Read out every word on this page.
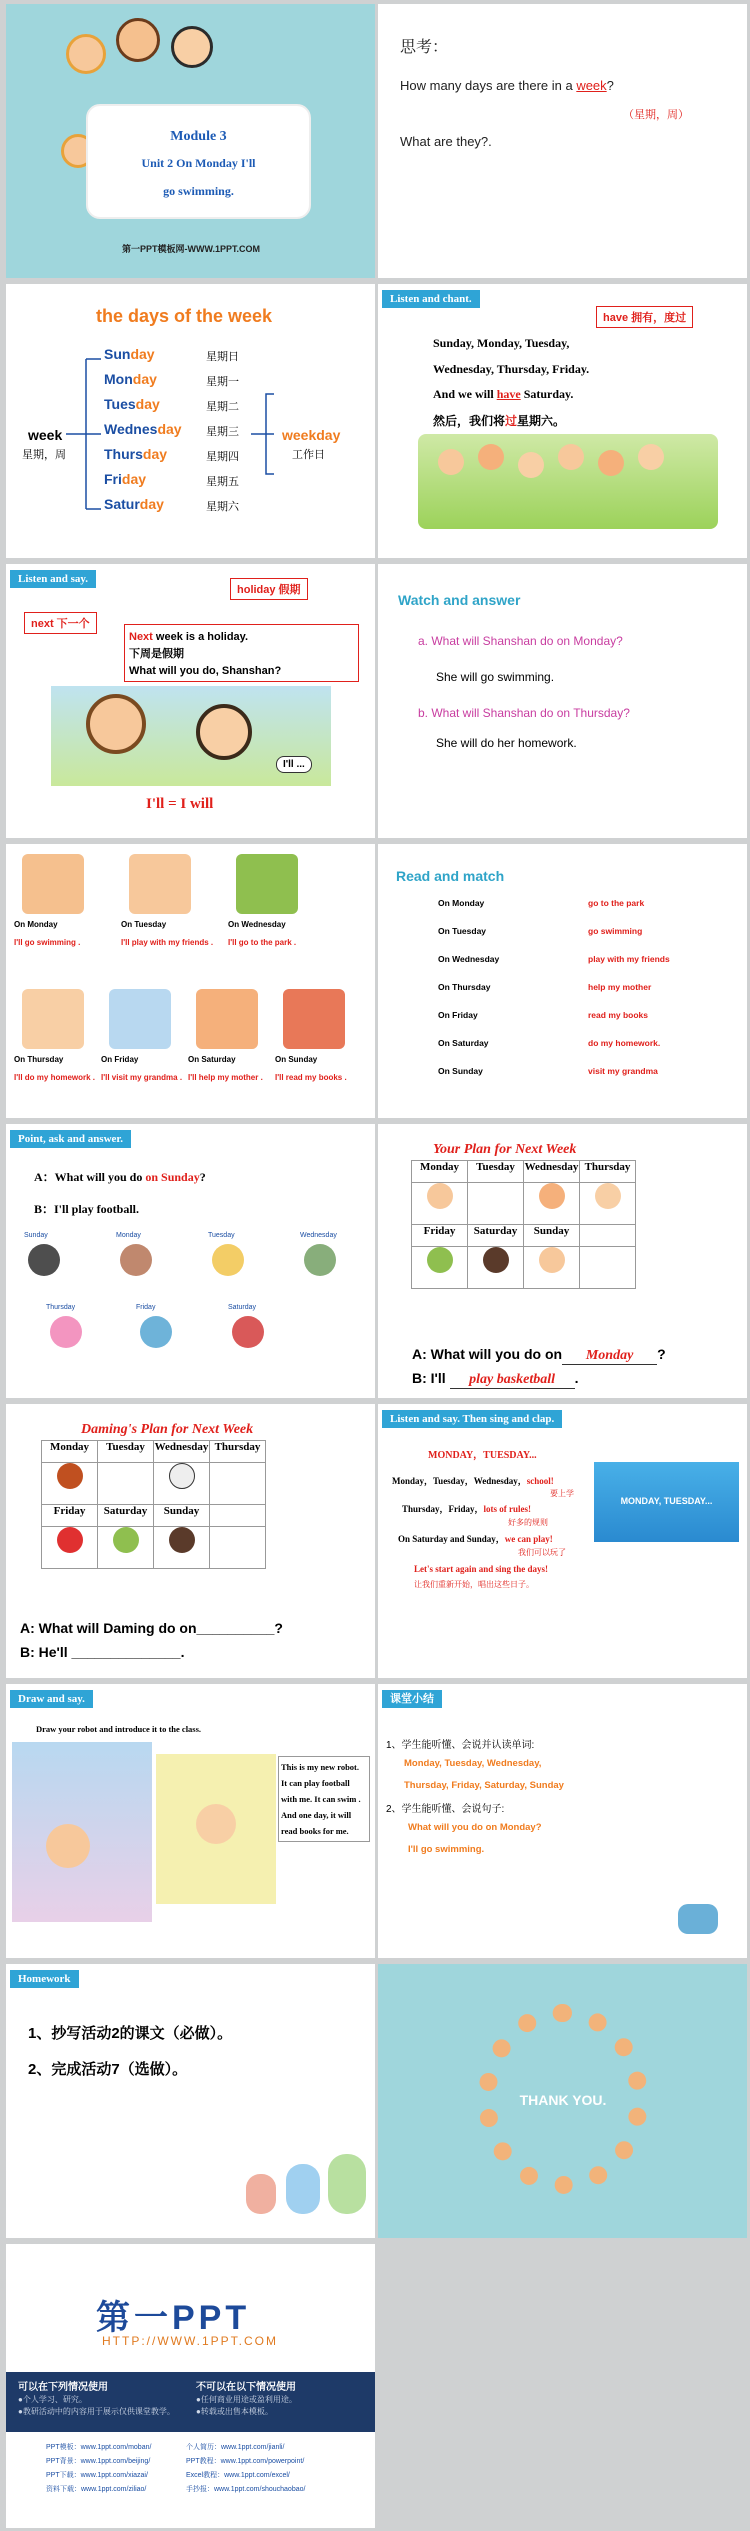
Module 3
Unit 2 On Monday I'll
go swimming.
第一PPT模板网-WWW.1PPT.COM
思考：
How many days are there in a week?
（星期，周）
What are they?.
the days of the week
week
星期，周
Sunday	星期日
Monday	星期一
Tuesday	星期二
Wednesday 星期三
Thursday	星期四
Friday	星期五
Saturday	星期六
weekday
工作日
Listen and chant.
have 拥有，度过
Sunday, Monday, Tuesday,
Wednesday, Thursday, Friday.
And we will have Saturday.
然后，我们将过星期六。
Listen and say.
holiday 假期
next 下一个
Next week is a holiday.
下周是假期
What will you do, Shanshan?
I'll ...
I'll = I will
Watch and answer
a. What will Shanshan do on Monday?
She will go swimming.
b. What will Shanshan do on Thursday?
She will do her homework.
On Monday
I'll go swimming .
On Tuesday
I'll play with my friends .
On Wednesday
I'll go to the park .
On Thursday
I'll do my homework .
On Friday
I'll visit my grandma .
On Saturday
I'll help my mother .
On Sunday
I'll read my books .
Read and match
On Monday	go to the park
On Tuesday	go swimming
On Wednesday	play with my friends
On Thursday	help my mother
On Friday	read my books
On Saturday	do my homework.
On Sunday	visit my grandma
Point, ask and answer.
A：What will you do on Sunday?
B：I'll play football.
Sunday	Monday	Tuesday	Wednesday
Thursday	Friday	Saturday
Your Plan for Next Week
Monday	Tuesday	Wednesday	Thursday

Friday	Saturday	Sunday	

A: What will you do on Monday ?
B: I'll play basketball .
Daming's Plan for Next Week
Monday	Tuesday	Wednesday	Thursday

Friday	Saturday	Sunday	

A: What will Daming do on__________?
B: He'll ______________.
Listen and say. Then sing and clap.
MONDAY，TUESDAY...
Monday，Tuesday，Wednesday，school!
要上学
Thursday，Friday，lots of rules!
好多的规则
On Saturday and Sunday，we can play!
我们可以玩了
Let's start again and sing the days!
让我们重新开始，唱出这些日子。
MONDAY, TUESDAY...
Draw and say.
Draw your robot and introduce it to the class.
This is my new robot. It can play football with me. It can swim . And one day, it will read books for me.
课堂小结
1、学生能听懂、会说并认读单词:
Monday, Tuesday, Wednesday,
Thursday, Friday, Saturday, Sunday
2、学生能听懂、会说句子:
What will you do on Monday?
I'll go swimming.
Homework
1、抄写活动2的课文（必做）。
2、完成活动7（选做）。
THANK YOU.
第一PPT
HTTP://WWW.1PPT.COM
可以在下列情况使用
●个人学习、研究。
●教研活动中的内容用于展示仅供课堂教学。
不可以在以下情况使用
●任何商业用途或盈利用途。
●转载或出售本模板。
PPT模板：www.1ppt.com/moban/
PPT背景：www.1ppt.com/beijing/
PPT下载：www.1ppt.com/xiazai/
资料下载：www.1ppt.com/ziliao/
个人简历：www.1ppt.com/jianli/
PPT教程：www.1ppt.com/powerpoint/
Excel教程：www.1ppt.com/excel/
手抄报：www.1ppt.com/shouchaobao/
